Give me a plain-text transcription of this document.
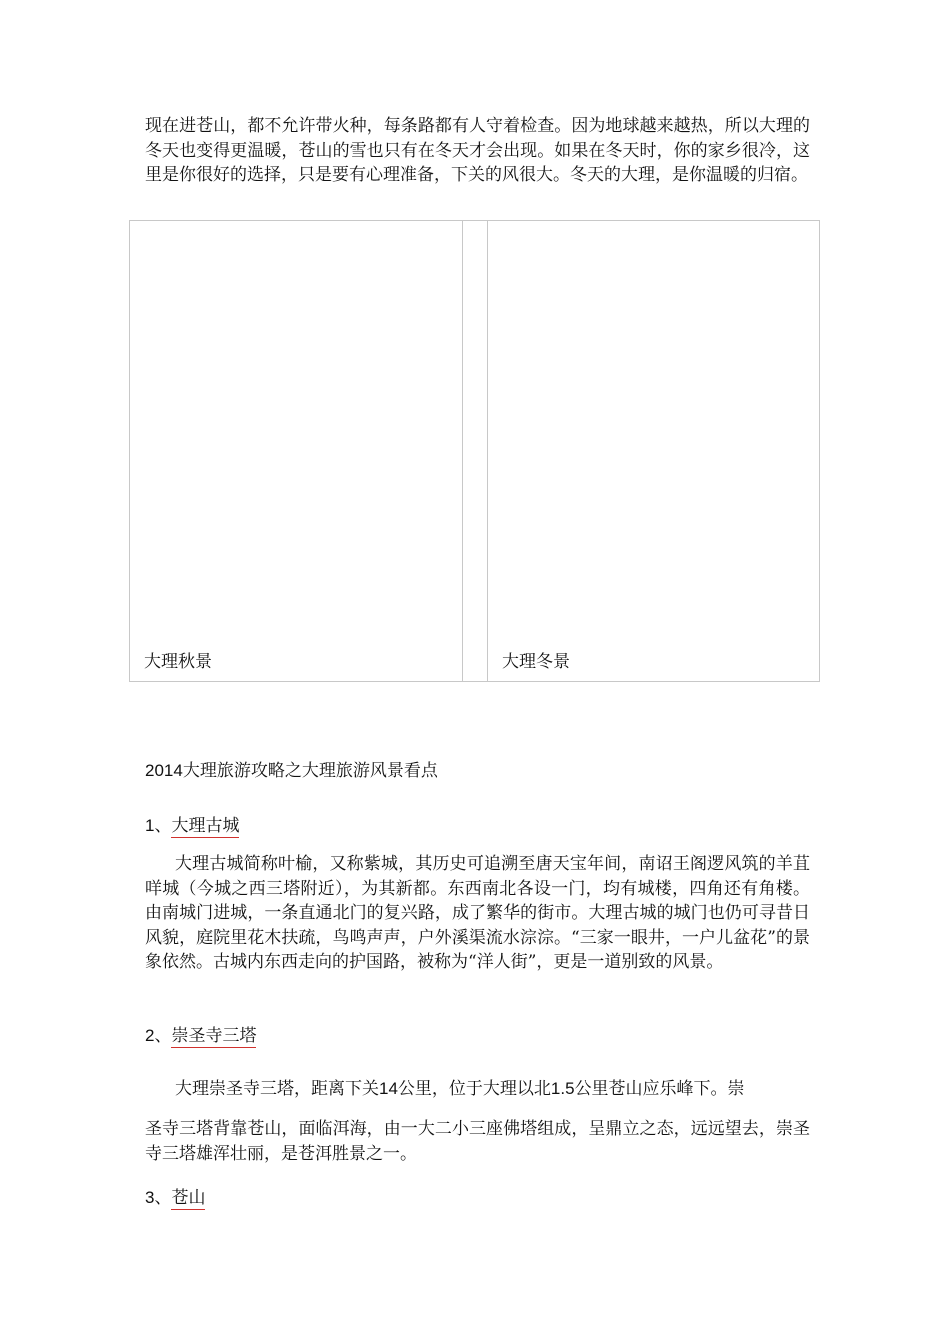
现在进苍山，都不允许带火种，每条路都有人守着检查。因为地球越来越热，所以大理的冬天也变得更温暖，苍山的雪也只有在冬天才会出现。如果在冬天时，你的家乡很冷，这里是你很好的选择，只是要有心理准备，下关的风很大。冬天的大理，是你温暖的归宿。

大理秋景	大理冬景
2014大理旅游攻略之大理旅游风景看点
1、大理古城

大理古城简称叶榆，又称紫城，其历史可追溯至唐天宝年间，南诏王阁逻风筑的羊苴咩城（今城之西三塔附近），为其新都。东西南北各设一门，均有城楼，四角还有角楼。由南城门进城，一条直通北门的复兴路，成了繁华的街市。大理古城的城门也仍可寻昔日风貌，庭院里花木扶疏，鸟鸣声声，户外溪渠流水淙淙。“三家一眼井，一户儿盆花”的景象依然。古城内东西走向的护国路，被称为“洋人街”，更是一道别致的风景。

2、崇圣寺三塔

大理崇圣寺三塔，距离下关14公里，位于大理以北1.5公里苍山应乐峰下。崇

圣寺三塔背靠苍山，面临洱海，由一大二小三座佛塔组成，呈鼎立之态，远远望去，崇圣寺三塔雄浑壮丽，是苍洱胜景之一。

3、苍山
